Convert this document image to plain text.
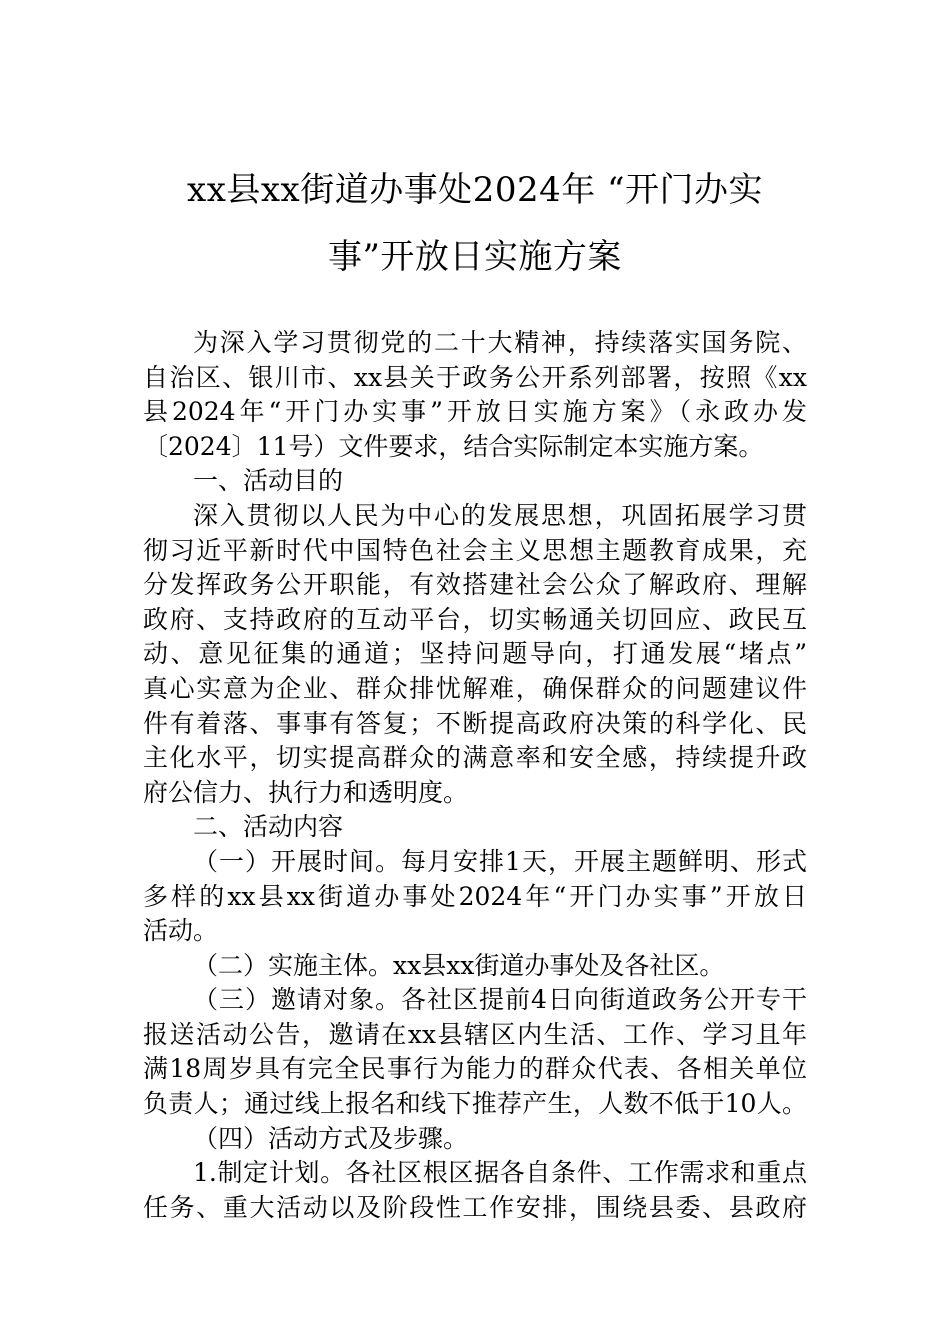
xx县xx街道办事处2024年 “开门办实
事”开放日实施方案
为深入学习贯彻党的二十大精神，持续落实国务院、
自治区、银川市、xx县关于政务公开系列部署，按照《xx
县2024年“开门办实事”开放日实施方案》（永政办发
〔2024〕11号）文件要求，结合实际制定本实施方案。
一、活动目的
深入贯彻以人民为中心的发展思想，巩固拓展学习贯
彻习近平新时代中国特色社会主义思想主题教育成果，充
分发挥政务公开职能，有效搭建社会公众了解政府、理解
政府、支持政府的互动平台，切实畅通关切回应、政民互
动、意见征集的通道；坚持问题导向，打通发展“堵点”
真心实意为企业、群众排忧解难，确保群众的问题建议件
件有着落、事事有答复；不断提高政府决策的科学化、民
主化水平，切实提高群众的满意率和安全感，持续提升政
府公信力、执行力和透明度。
二、活动内容
（一）开展时间。每月安排1天，开展主题鲜明、形式
多样的xx县xx街道办事处2024年“开门办实事”开放日
活动。
（二）实施主体。xx县xx街道办事处及各社区。
（三）邀请对象。各社区提前4日向街道政务公开专干
报送活动公告，邀请在xx县辖区内生活、工作、学习且年
满18周岁具有完全民事行为能力的群众代表、各相关单位
负责人；通过线上报名和线下推荐产生，人数不低于10人。
（四）活动方式及步骤。
1.制定计划。各社区根区据各自条件、工作需求和重点
任务、重大活动以及阶段性工作安排，围绕县委、县政府
